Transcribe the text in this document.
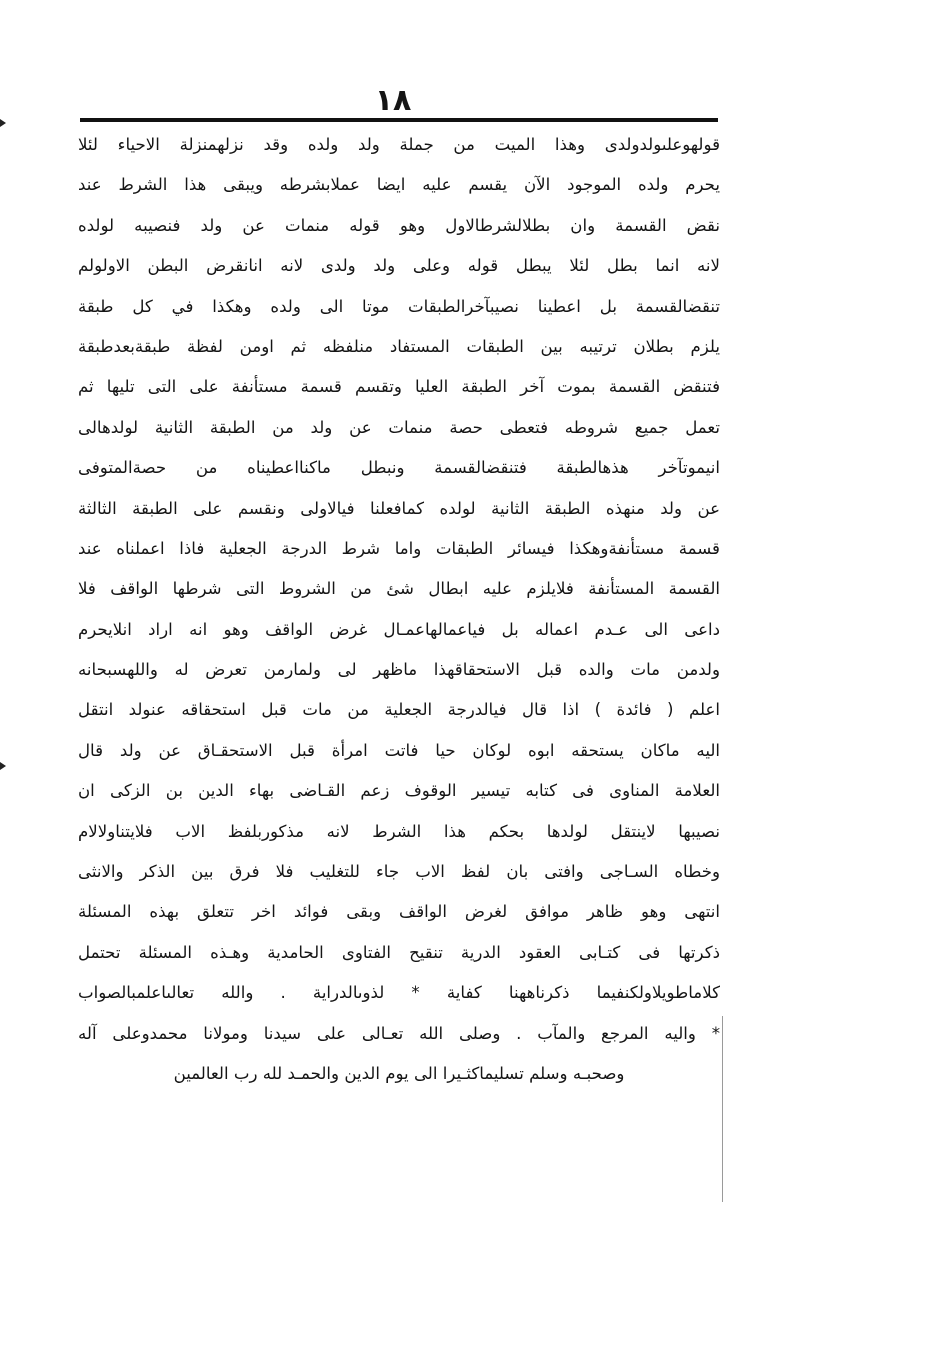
١٨
قولهوعلىولدولدى وهذا الميت من جملة ولد ولده وقد نزلهمنزلة الاحياء لئلا
يحرم ولده الموجود الآن يقسم عليه ايضا عملابشرطه ويبقى هذا الشرط عند
نقض القسمة وان بطلالشرطالاول وهو قوله منمات عن ولد فنصيبه لولده
لانه انما بطل لئلا يبطل قوله وعلى ولد ولدى لانه انانقرض البطن الاولولم
تنقضالقسمة بل اعطينا نصيبآخرالطبقات موتا الى ولده وهكذا في كل طبقة
يلزم بطلان ترتيبه بين الطبقات المستفاد منلفظه ثم اومن لفظة طبقةبعدطبقة
فتنقض القسمة بموت آخر الطبقة العليا وتقسم قسمة مستأنفة على التى تليها ثم
تعمل جميع شروطه فتعطى حصة منمات عن ولد من الطبقة الثانية لولدهالى
انيموتآخر هذهالطبقة فتنقضالقسمة ونبطل ماكنااعطيناه من حصةالمتوفى
عن ولد منهذه الطبقة الثانية لولده كمافعلنا فيالاولى ونقسم على الطبقة الثالثة
قسمة مستأنفةوهكذا فيسائر الطبقات واما شرط الدرجة الجعلية فاذا اعملناه عند
القسمة المستأنفة فلايلزم عليه ابطال شئ من الشروط التى شرطها الواقف فلا
داعى الى عـدم اعماله بل فياعمالهاعمـال غرض الواقف وهو انه اراد انلايحرم
ولدمن مات والده قبل الاستحقاقهذا ماظهر لى ولمارمن تعرض له واللهسبحانه
اعلم ( فائدة ) اذا قال فيالدرجة الجعلية من مات قبل استحقاقه عنولد انتقل
اليه ماكان يستحقه ابوه لوكان حيا فاتت امرأة قبل الاستحقـاق عن ولد قال
العلامة المناوى فى كتابه تيسير الوقوف زعم القـاضى بهاء الدين بن الزكى ان
نصيبها لاينتقل لولدها بحكم هذا الشرط لانه مذكوربلفظ الاب فلايتناولالام
وخطاه السـاجى وافتى بان لفظ الاب جاء للتغليب فلا فرق بين الذكر والانثى
انتهى وهو ظاهر موافق لغرض الواقف وبقى فوائد اخر تتعلق بهذه المسئلة
ذكرتها فى كتـابى العقود الدرية تنقيح الفتاوى الحامدية وهـذه المسئلة تحتمل
كلاماطويلاولكنفيما ذكرناههنا كفاية * لذوىالدراية . والله تعالىاعلمبالصواب
* واليه المرجع والمآب . وصلى الله تعـالى على سيدنا ومولانا محمدوعلى آله
وصحبـه وسلم تسليماكثـيرا الى يوم الدين والحمـد لله رب العالمين
